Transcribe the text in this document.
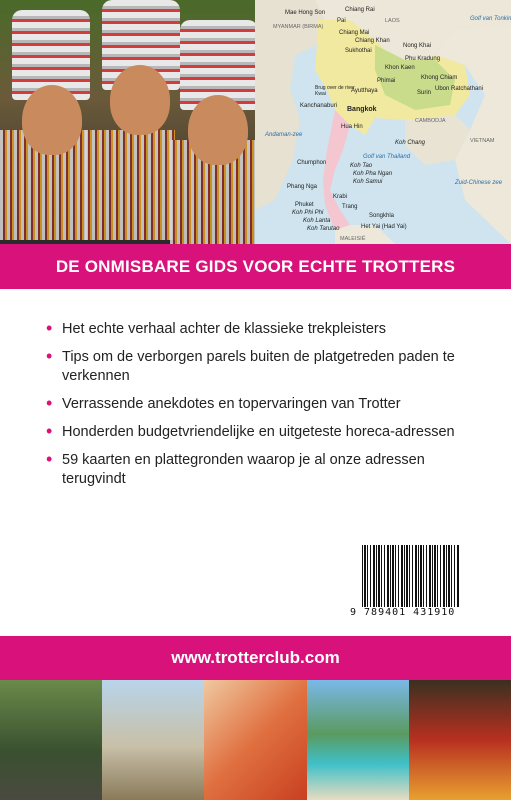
MYANMAR (BIRMA)
LAOS
CAMBODJA
VIETNAM
MALEISIË
Golf van Tonkin
Andaman-zee
Golf van Thailand
Zuid-Chinese zee
Mae Hong Son	Chiang Rai
Pai
Chiang Mai
Chiang Khan
Nong Khai
Sukhothai
Phu Kradung
Khon Kaen
Phimai	Khong Chiam
Brug over de river Kwai	Ayutthaya	Surin
Ubon Ratchathani
Kanchanaburi Bangkok
Hua Hin
Koh Chang
Chumphon	Koh Tao
Koh Pha Ngan
Koh Samui
Phang Nga
Krabi
Phuket
Koh Phi Phi
Koh Lanta
Koh Tarutao
Trang
Songkhla
Het Yai (Had Yai)
DE ONMISBARE GIDS VOOR ECHTE TROTTERS
• Het echte verhaal achter de klassieke trekpleisters
• Tips om de verborgen parels buiten de platgetreden paden te verkennen
• Verrassende anekdotes en topervaringen van Trotter
• Honderden budgetvriendelijke en uitgeteste horeca-adressen
• 59 kaarten en plattegronden waarop je al onze adressen terugvindt
9 789401 431910
www.trotterclub.com
